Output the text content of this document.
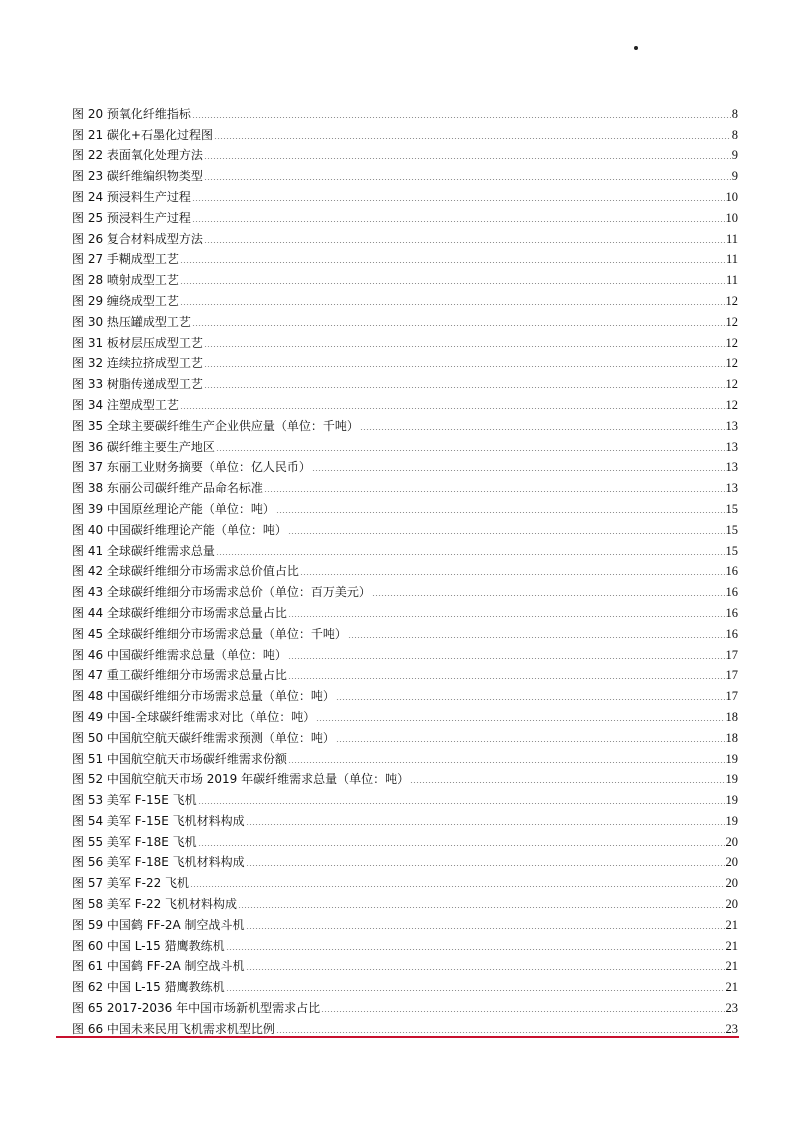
图 20 预氧化纤维指标	8
图 21 碳化+石墨化过程图	8
图 22 表面氧化处理方法	9
图 23 碳纤维编织物类型	9
图 24 预浸料生产过程	10
图 25 预浸料生产过程	10
图 26 复合材料成型方法	11
图 27 手糊成型工艺	11
图 28 喷射成型工艺	11
图 29 缠绕成型工艺	12
图 30 热压罐成型工艺	12
图 31 板材层压成型工艺	12
图 32 连续拉挤成型工艺	12
图 33 树脂传递成型工艺	12
图 34 注塑成型工艺	12
图 35 全球主要碳纤维生产企业供应量（单位：千吨）	13
图 36 碳纤维主要生产地区	13
图 37 东丽工业财务摘要（单位：亿人民币）	13
图 38 东丽公司碳纤维产品命名标准	13
图 39 中国原丝理论产能（单位：吨）	15
图 40 中国碳纤维理论产能（单位：吨）	15
图 41 全球碳纤维需求总量	15
图 42 全球碳纤维细分市场需求总价值占比	16
图 43 全球碳纤维细分市场需求总价（单位：百万美元）	16
图 44 全球碳纤维细分市场需求总量占比	16
图 45 全球碳纤维细分市场需求总量（单位：千吨）	16
图 46 中国碳纤维需求总量（单位：吨）	17
图 47 重工碳纤维细分市场需求总量占比	17
图 48 中国碳纤维细分市场需求总量（单位：吨）	17
图 49 中国-全球碳纤维需求对比（单位：吨）	18
图 50 中国航空航天碳纤维需求预测（单位：吨）	18
图 51 中国航空航天市场碳纤维需求份额	19
图 52 中国航空航天市场 2019 年碳纤维需求总量（单位：吨）	19
图 53 美军 F-15E 飞机	19
图 54 美军 F-15E 飞机材料构成	19
图 55 美军 F-18E 飞机	20
图 56 美军 F-18E 飞机材料构成	20
图 57 美军 F-22 飞机	20
图 58 美军 F-22 飞机材料构成	20
图 59 中国鹤 FF-2A 制空战斗机	21
图 60 中国 L-15 猎鹰教练机	21
图 61 中国鹤 FF-2A 制空战斗机	21
图 62 中国 L-15 猎鹰教练机	21
图 65 2017-2036 年中国市场新机型需求占比	23
图 66 中国未来民用飞机需求机型比例	23
